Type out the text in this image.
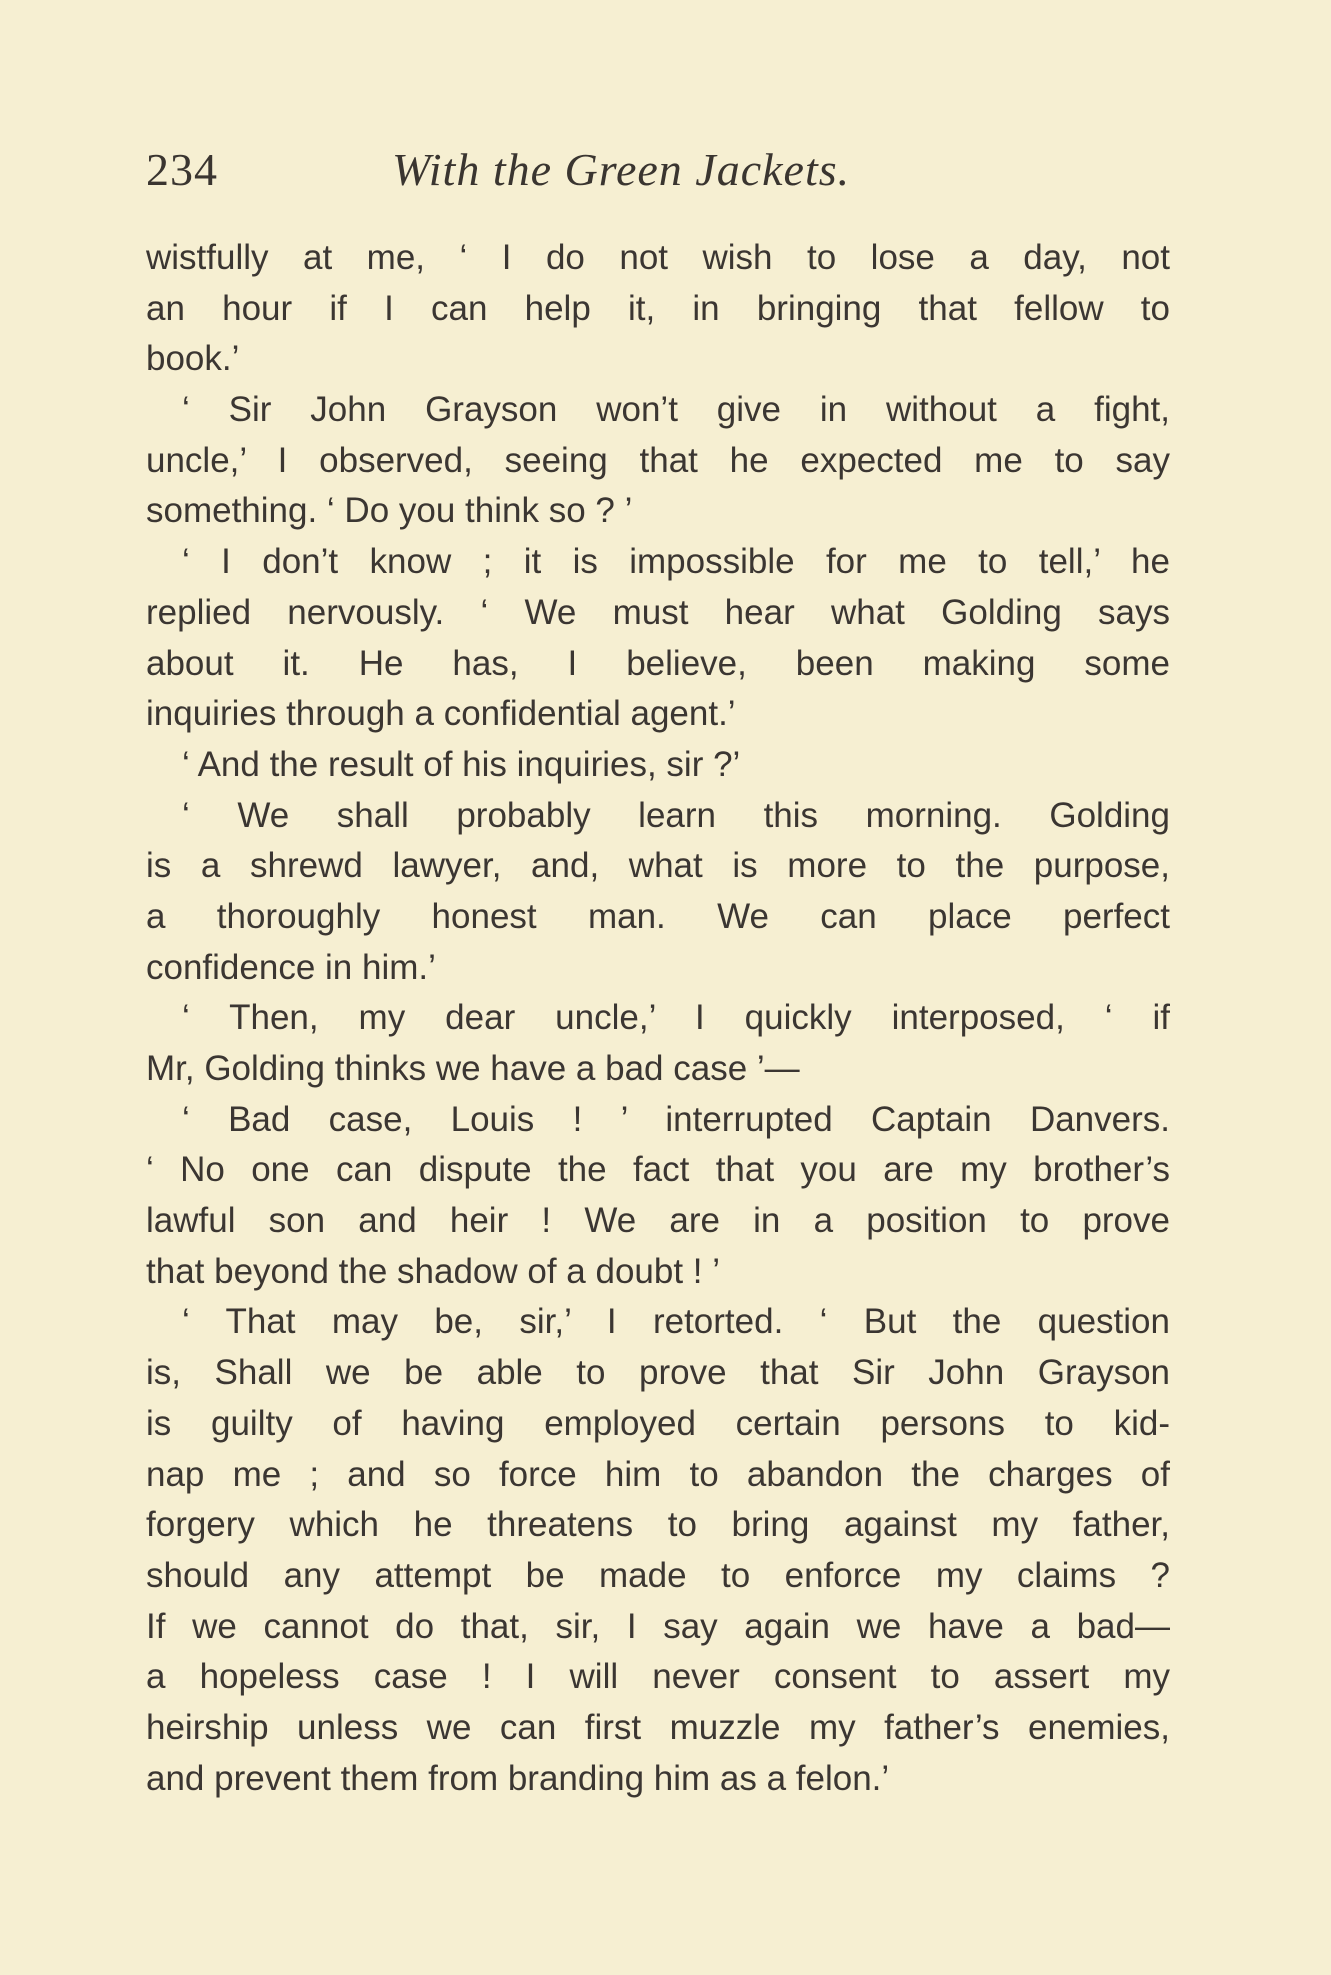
234	With the Green Jackets.
wistfully at me, ‘ I do not wish to lose a day, not
an hour if I can help it, in bringing that fellow to
book.’
‘ Sir John Grayson won’t give in without a fight,
uncle,’ I observed, seeing that he expected me to say
something. ‘ Do you think so ? ’
‘ I don’t know ; it is impossible for me to tell,’ he
replied nervously. ‘ We must hear what Golding says
about it. He has, I believe, been making some
inquiries through a confidential agent.’
‘ And the result of his inquiries, sir ?’
‘ We shall probably learn this morning. Golding
is a shrewd lawyer, and, what is more to the purpose,
a thoroughly honest man. We can place perfect
confidence in him.’
‘ Then, my dear uncle,’ I quickly interposed, ‘ if
Mr, Golding thinks we have a bad case ’—
‘ Bad case, Louis ! ’ interrupted Captain Danvers.
‘ No one can dispute the fact that you are my brother’s
lawful son and heir ! We are in a position to prove
that beyond the shadow of a doubt ! ’
‘ That may be, sir,’ I retorted. ‘ But the question
is, Shall we be able to prove that Sir John Grayson
is guilty of having employed certain persons to kid-
nap me ; and so force him to abandon the charges of
forgery which he threatens to bring against my father,
should any attempt be made to enforce my claims ?
If we cannot do that, sir, I say again we have a bad—
a hopeless case ! I will never consent to assert my
heirship unless we can first muzzle my father’s enemies,
and prevent them from branding him as a felon.’
